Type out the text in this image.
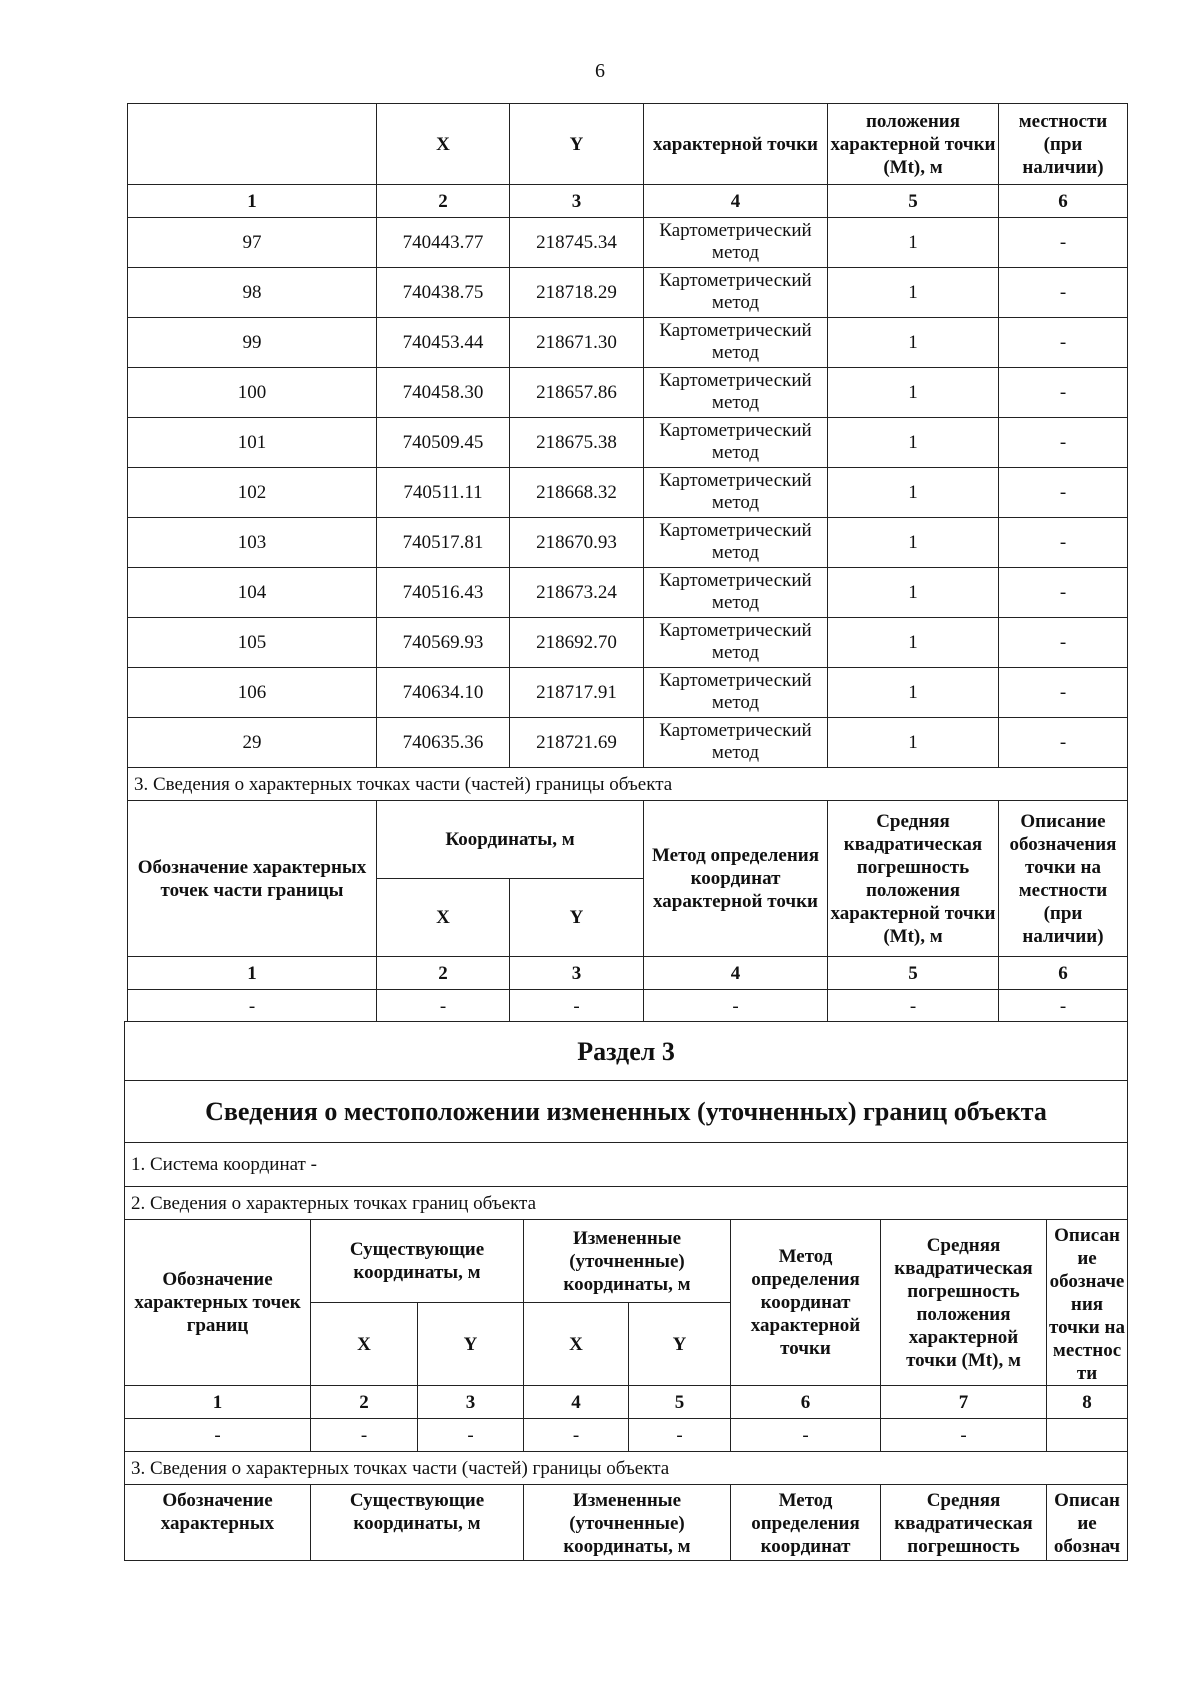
6
	X	Y	характерной точки	положения характерной точки (Mt), м	местности (при наличии)
1	2	3	4	5	6
97	740443.77	218745.34	Картометрический метод	1	-
98	740438.75	218718.29	Картометрический метод	1	-
99	740453.44	218671.30	Картометрический метод	1	-
100	740458.30	218657.86	Картометрический метод	1	-
101	740509.45	218675.38	Картометрический метод	1	-
102	740511.11	218668.32	Картометрический метод	1	-
103	740517.81	218670.93	Картометрический метод	1	-
104	740516.43	218673.24	Картометрический метод	1	-
105	740569.93	218692.70	Картометрический метод	1	-
106	740634.10	218717.91	Картометрический метод	1	-
29	740635.36	218721.69	Картометрический метод	1	-
3. Сведения о характерных точках части (частей) границы объекта					
Обозначение характерных точек части границы	Координаты, м		Метод определения координат характерной точки	Средняя квадратическая погрешность положения характерной точки (Mt), м	Описание обозначения точки на местности (при наличии)
	X	Y			
1	2	3	4	5	6
-	-	-	-	-	-
Раздел 3							
Сведения о местоположении измененных (уточненных) границ объекта							
1. Система координат -							
2. Сведения о характерных точках границ объекта							
Обозначение характерных точек границ	Существующие координаты, м		Измененные (уточненные) координаты, м		Метод определения координат характерной точки	Средняя квадратическая погрешность положения характерной точки (Mt), м	Описание обозначения точки на местности
	X	Y	X	Y			
1	2	3	4	5	6	7	8
-	-	-	-	-	-	-	
3. Сведения о характерных точках части (частей) границы объекта							
Обозначение характерных	Существующие координаты, м		Измененные (уточненные) координаты, м		Метод определения координат	Средняя квадратическая погрешность	Описание обознач
